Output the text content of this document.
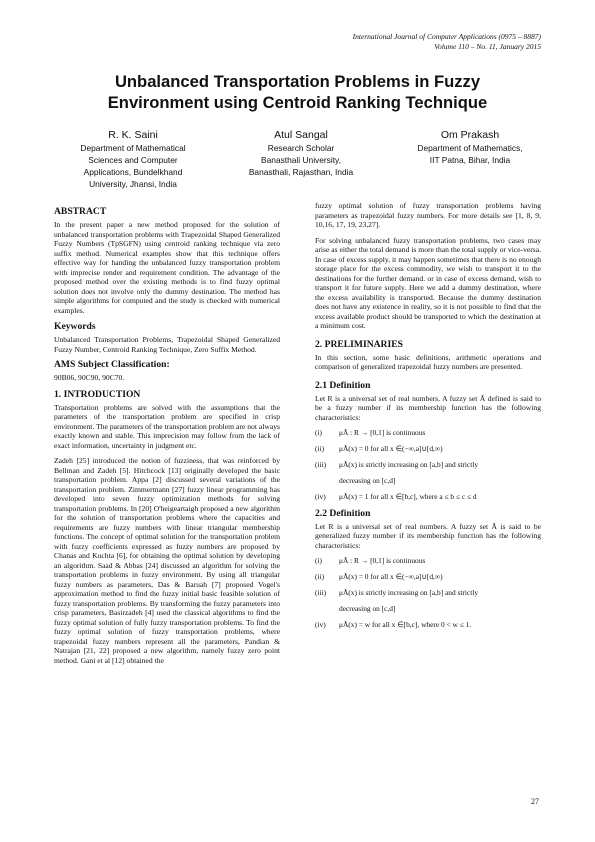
International Journal of Computer Applications (0975 – 8887)
Volume 110 – No. 11, January 2015
Unbalanced Transportation Problems in Fuzzy
Environment using Centroid Ranking Technique
R. K. Saini
Department of Mathematical
Sciences and Computer
Applications, Bundelkhand
University, Jhansi, India
Atul Sangal
Research Scholar
Banasthali University,
Banasthali, Rajasthan, India
Om Prakash
Department of Mathematics,
IIT Patna, Bihar, India
ABSTRACT

In the present paper a new method proposed for the solution of unbalanced transportation problems with Trapezoidal Shaped Generalized Fuzzy Numbers (TpSGFN) using centroid ranking technique via zero suffix method. Numerical examples show that this technique offers effective way for handing the unbalanced fuzzy transportation problem with imprecise render and requirement condition. The advantage of the proposed method over the existing methods is to find fuzzy optimal solution does not involve only the dummy destination. The method has simple algorithms for computed and the study is checked with numerical examples.

Keywords

Unbalanced Transportation Problems, Trapezoidal Shaped Generalized Fuzzy Number, Centroid Ranking Technique, Zero Suffix Method.

AMS Subject Classification:

90B06, 90C90, 90C70.

1. INTRODUCTION

Transportation problems are solved with the assumptions that the parameters of the transportation problem are specified in crisp environment. The parameters of the transportation problem are not always exactly known and stable. This imprecision may follow from the lack of exact information, uncertainty in judgment etc.

Zadeh [25] introduced the notion of fuzziness, that was reinforced by Bellman and Zadeh [5]. Hitchcock [13] originally developed the basic transportation problem. Appa [2] discussed several variations of the transportation problem. Zimmermann [27] fuzzy linear programming has developed into seven fuzzy optimization methods for solving transportation problems. In [20] O'heigeartaigh proposed a new algorithm for the solution of transportation problems where the capacities and requirements are fuzzy numbers with linear triangular membership functions. The concept of optimal solution for the transportation problem with fuzzy coefficients expressed as fuzzy numbers are proposed by Chanas and Kuchta [6], for obtaining the optimal solution by developing an algorithm. Saad & Abbas [24] discussed an algorithm for solving the transportation problems in fuzzy environment. By using all triangular fuzzy numbers as parameters, Das & Baruah [7] proposed Vogel's approximation method to find the fuzzy initial basic feasible solution of fuzzy transportation problems. By transforming the fuzzy parameters into crisp parameters, Basirzadeh [4] used the classical algorithms to find the fuzzy optimal solution of fully fuzzy transportation problems. To find the fuzzy optimal solution of fuzzy transportation problems, where trapezoidal fuzzy numbers represent all the parameters, Pandian & Natrajan [21, 22] proposed a new algorithm, namely fuzzy zero point method. Gani et al [12] obtained the

fuzzy optimal solution of fuzzy transportation problems having parameters as trapezoidal fuzzy numbers. For more details see [1, 8, 9, 10,16, 17, 19, 23,27].

For solving unbalanced fuzzy transportation problems, two cases may arise as either the total demand is more than the total supply or vice-versa. In case of excess supply, it may happen sometimes that there is no enough storage place for the excess commodity, we wish to transport it to the destinations for the further demand. or in case of excess demand, wish to transport it for future supply. Here we add a dummy destination, where the excess availability is transported. Because the dummy destination does not have any existence in reality, so it is not possible to find that the excess available product should be transported to which the destination at a minimum cost.

2. PRELIMINARIES

In this section, some basic definitions, arithmetic operations and comparison of generalized trapezoidal fuzzy numbers are presented.

2.1 Definition

Let R is a universal set of real numbers. A fuzzy set Ã defined is said to be a fuzzy number if its membership function has the following characteristics:

(i)	μÃ : R → [0,1] is continuous
(ii)	μÃ(x) = 0 for all x ∈(−∞,a]∪[d,∞)
(iii)	μÃ(x) is strictly increasing on [a,b] and strictly
decreasing on [c,d]
(iv)	μÃ(x) = 1 for all x ∈[b,c], where a ≤ b ≤ c ≤ d
2.2 Definition

Let R is a universal set of real numbers. A fuzzy set Ã is said to be generalized fuzzy number if its membership function has the following characteristics:

(i)	μÃ : R → [0,1] is continuous
(ii)	μÃ(x) = 0 for all x ∈(−∞,a]∪[d,∞)
(iii)	μÃ(x) is strictly increasing on [a,b] and strictly
decreasing on [c,d]
(iv)	μÃ(x) = w for all x ∈[b,c], where 0 < w ≤ 1.
27
